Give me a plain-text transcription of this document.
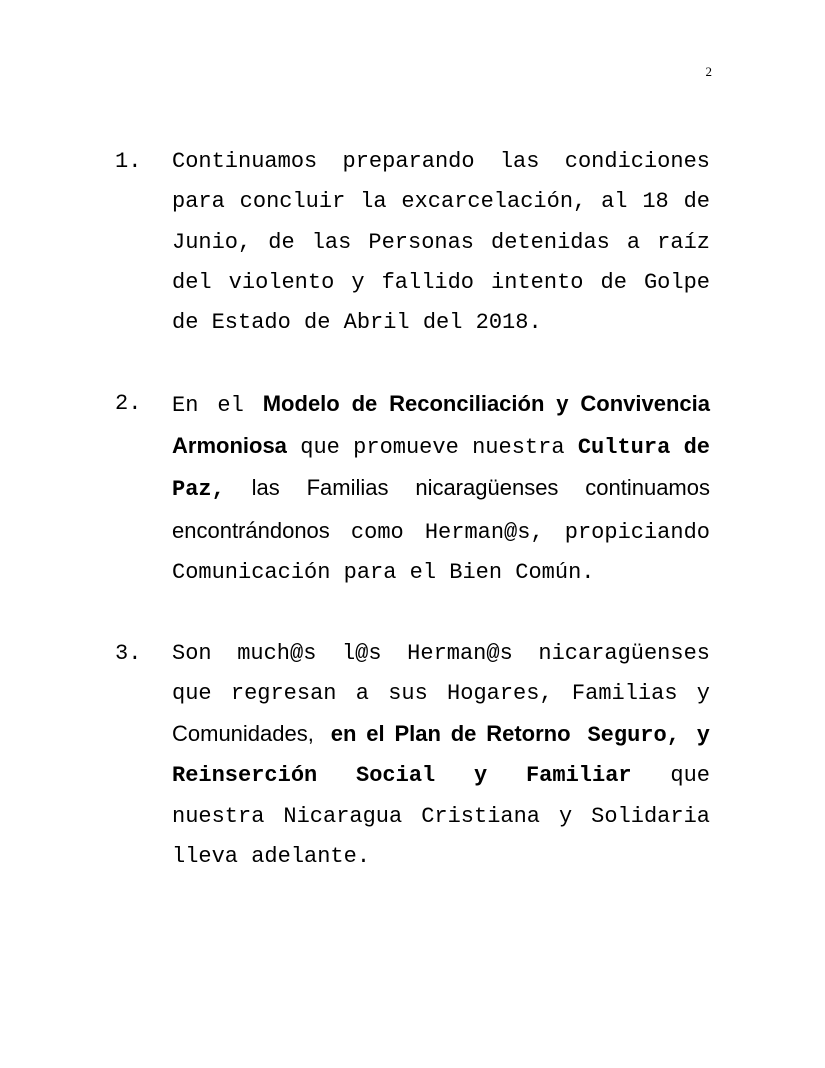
2
1.	Continuamos preparando las condiciones para concluir la excarcelación, al 18 de Junio, de las Personas detenidas a raíz del violento y fallido intento de Golpe de Estado de Abril del 2018.
2.	En el Modelo de Reconciliación y Convivencia Armoniosa que promueve nuestra Cultura de Paz, las Familias nicaragüenses continuamos encontrándonos como Herman@s, propiciando Comunicación para el Bien Común.
3.	Son much@s l@s Herman@s nicaragüenses que regresan a sus Hogares, Familias y Comunidades, en el Plan de Retorno Seguro, y Reinserción Social y Familiar que nuestra Nicaragua Cristiana y Solidaria lleva adelante.
